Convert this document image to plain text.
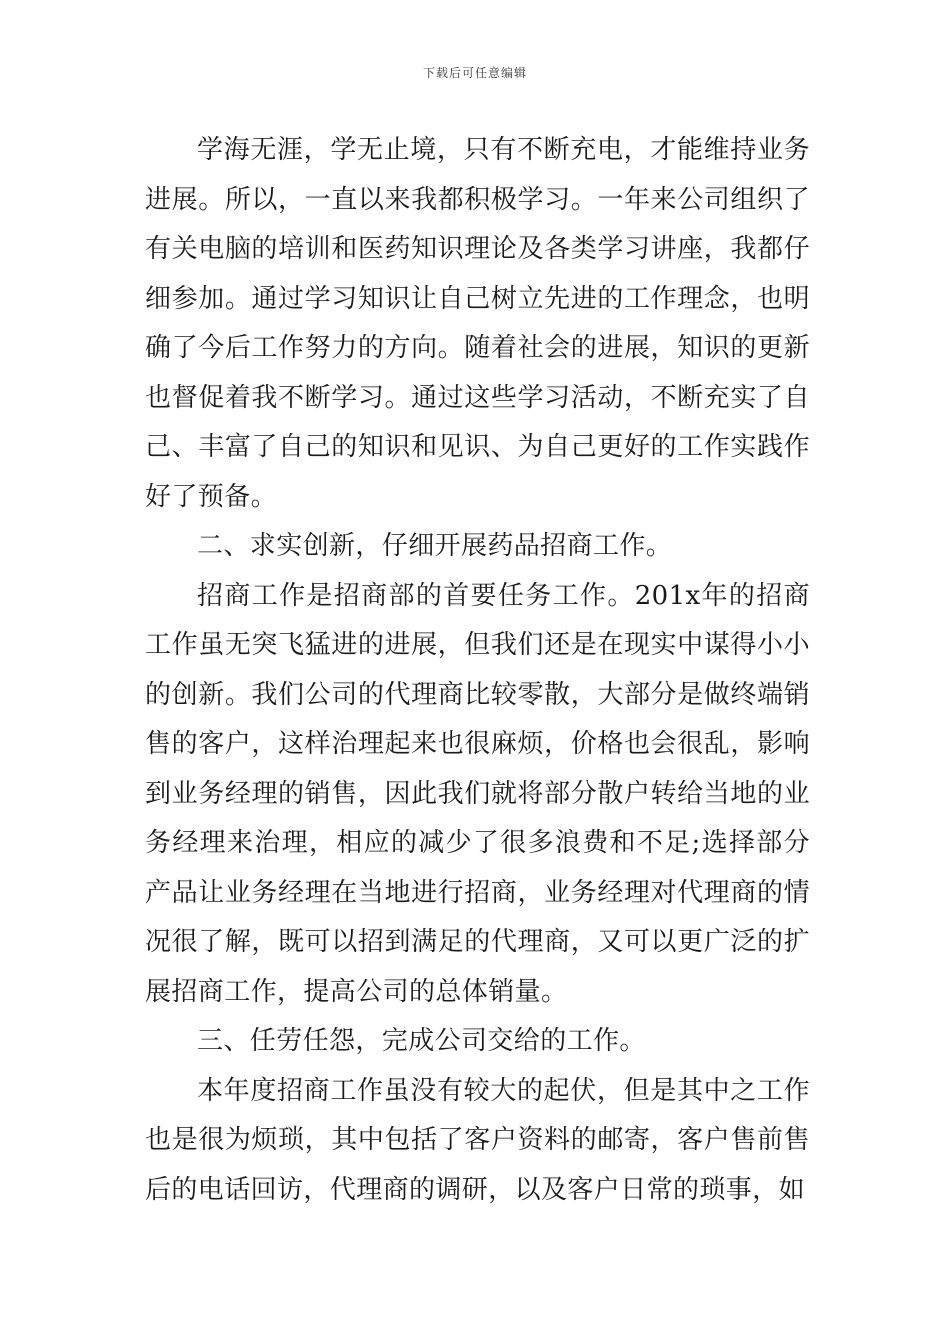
下载后可任意编辑

学海无涯，学无止境，只有不断充电，才能维持业务进展。所以，一直以来我都积极学习。一年来公司组织了有关电脑的培训和医药知识理论及各类学习讲座，我都仔细参加。通过学习知识让自己树立先进的工作理念，也明确了今后工作努力的方向。随着社会的进展，知识的更新也督促着我不断学习。通过这些学习活动，不断充实了自己、丰富了自己的知识和见识、为自己更好的工作实践作好了预备。

二、求实创新，仔细开展药品招商工作。

招商工作是招商部的首要任务工作。201x年的招商工作虽无突飞猛进的进展，但我们还是在现实中谋得小小的创新。我们公司的代理商比较零散，大部分是做终端销售的客户，这样治理起来也很麻烦，价格也会很乱，影响到业务经理的销售，因此我们就将部分散户转给当地的业务经理来治理，相应的减少了很多浪费和不足;选择部分产品让业务经理在当地进行招商，业务经理对代理商的情况很了解，既可以招到满足的代理商，又可以更广泛的扩展招商工作，提高公司的总体销量。

三、任劳任怨，完成公司交给的工作。

本年度招商工作虽没有较大的起伏，但是其中之工作也是很为烦琐，其中包括了客户资料的邮寄，客户售前售后的电话回访，代理商的调研，以及客户日常的琐事，如
